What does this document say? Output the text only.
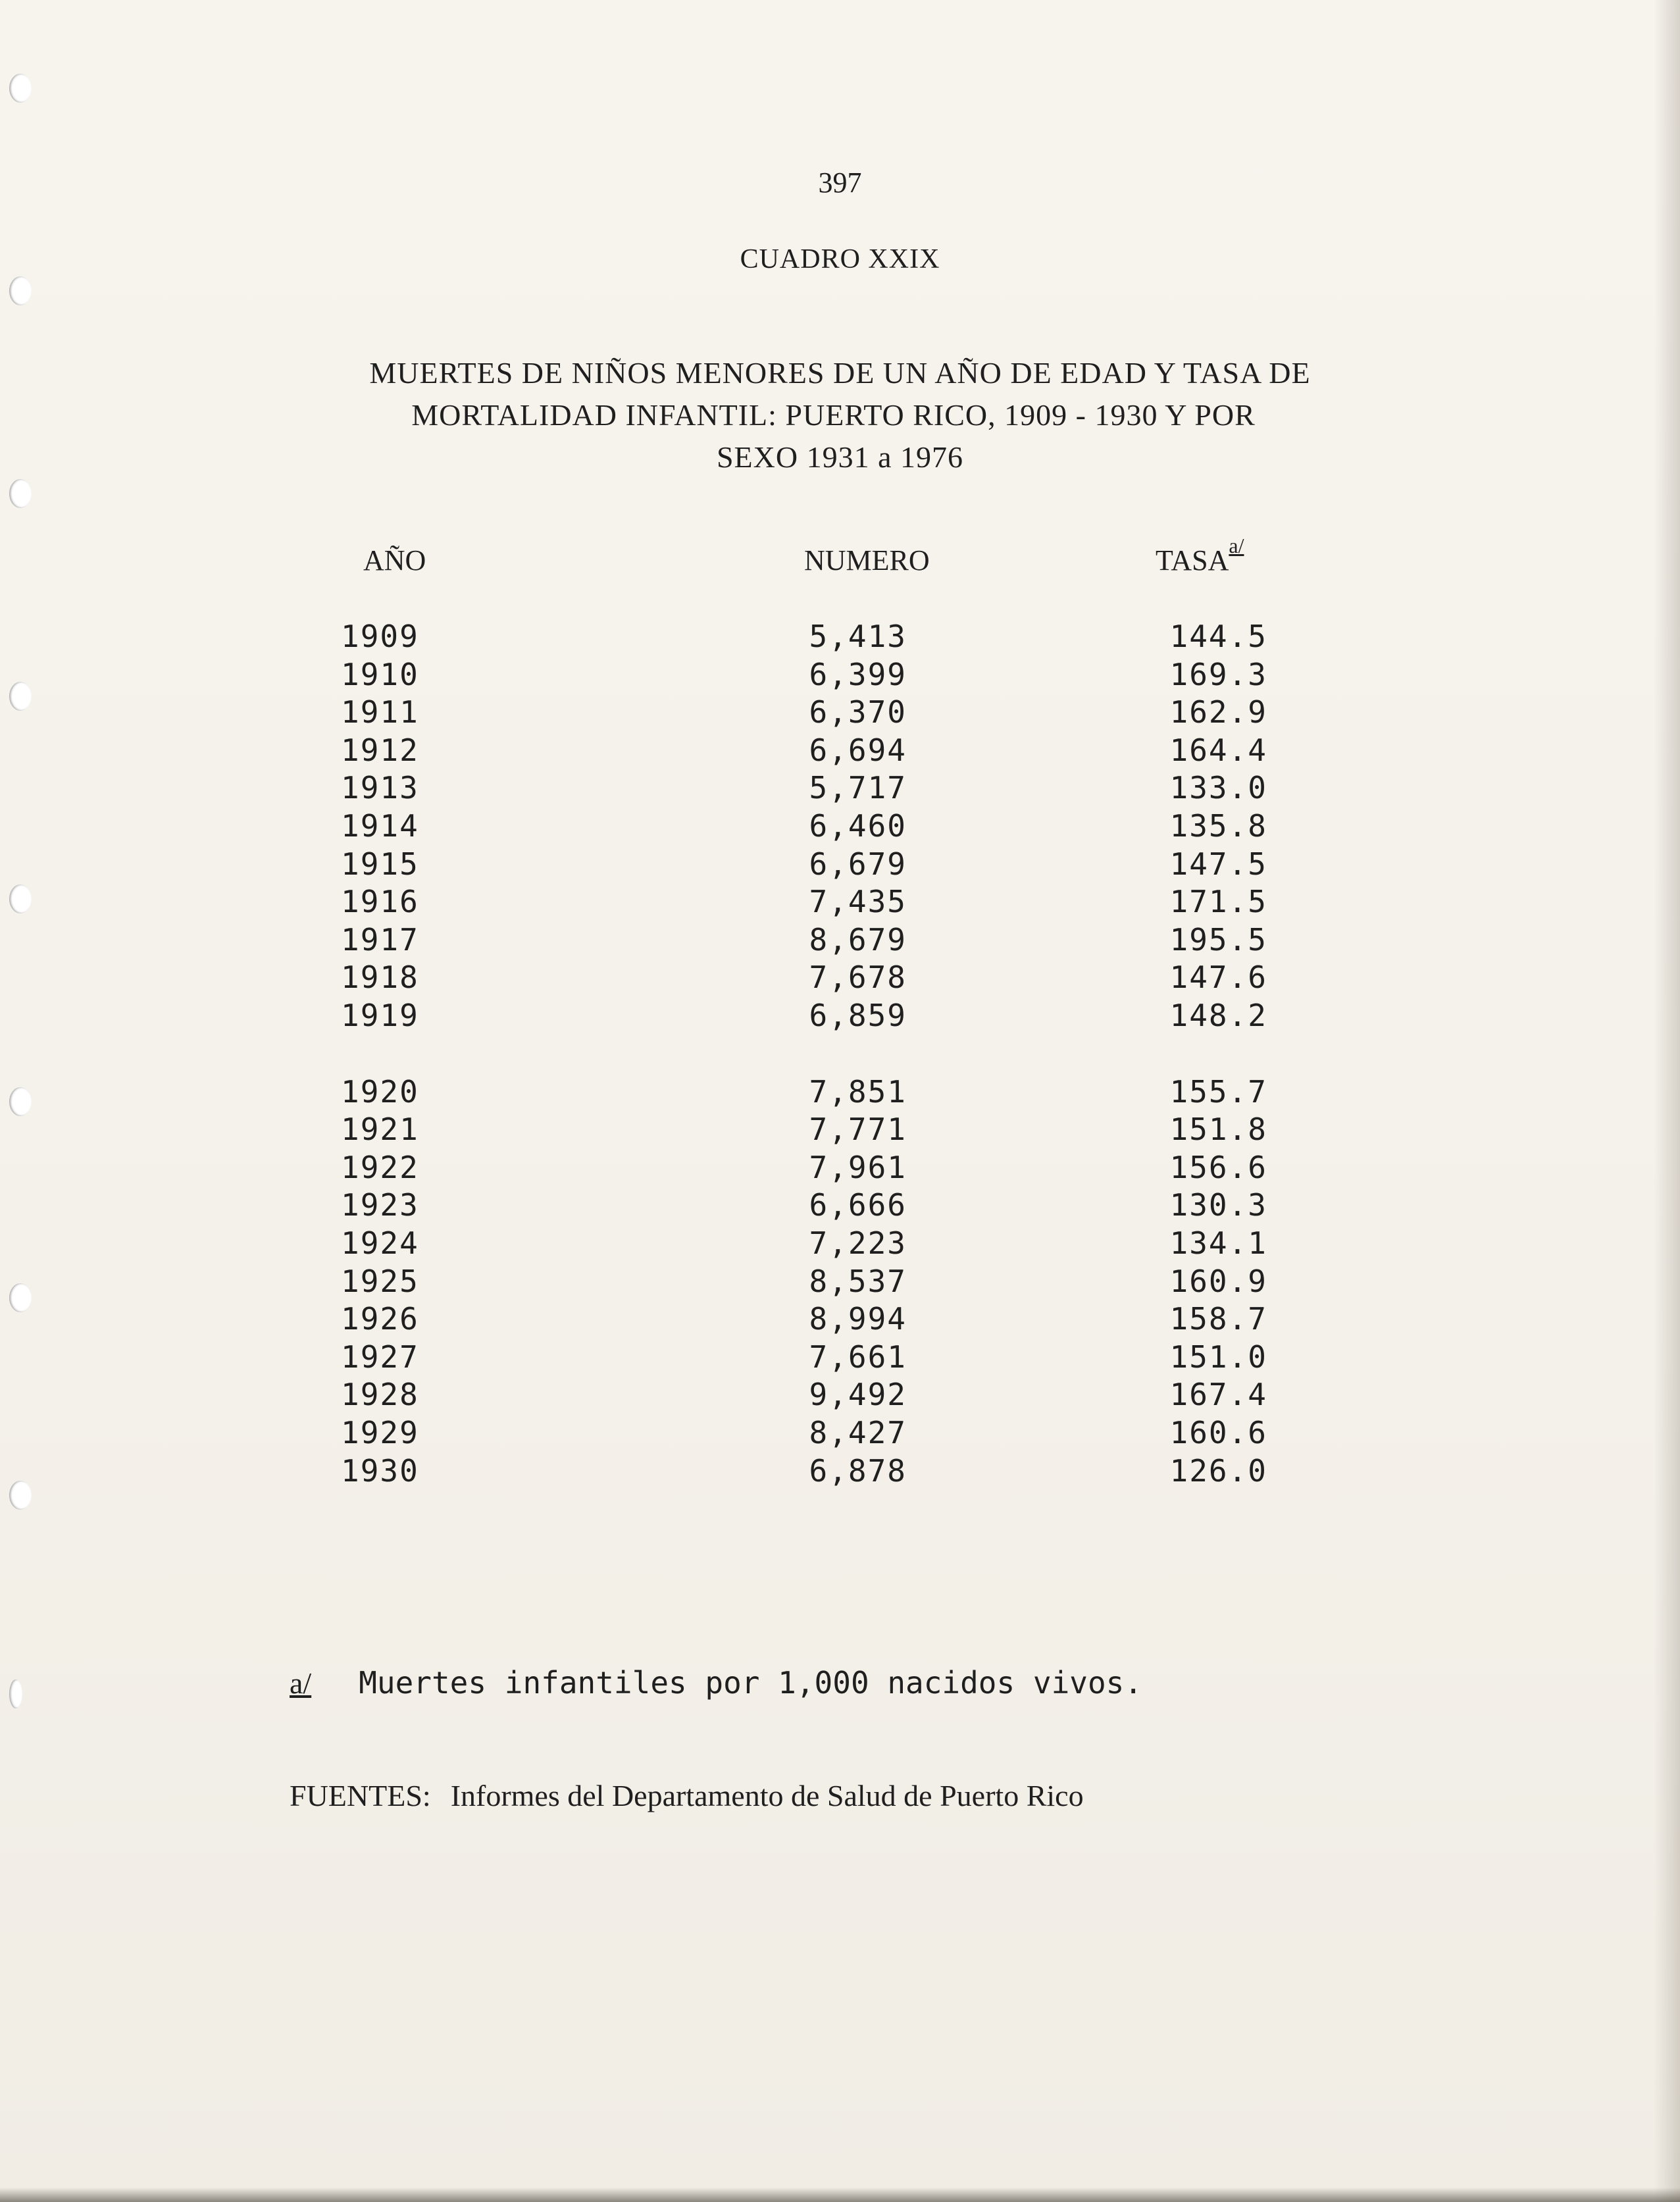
397
CUADRO XXIX
MUERTES DE NIÑOS MENORES DE UN AÑO DE EDAD Y TASA DE
MORTALIDAD INFANTIL: PUERTO RICO, 1909 - 1930 Y POR
SEXO 1931 a 1976
AÑO	NUMERO	$TASA^{a/}$
1909	5,413	144.5
1910	6,399	169.3
1911	6,370	162.9
1912	6,694	164.4
1913	5,717	133.0
1914	6,460	135.8
1915	6,679	147.5
1916	7,435	171.5
1917	8,679	195.5
1918	7,678	147.6
1919	6,859	148.2
1920	7,851	155.7
1921	7,771	151.8
1922	7,961	156.6
1923	6,666	130.3
1924	7,223	134.1
1925	8,537	160.9
1926	8,994	158.7
1927	7,661	151.0
1928	9,492	167.4
1929	8,427	160.6
1930	6,878	126.0
a/ Muertes infantiles por 1,000 nacidos vivos.
FUENTES: Informes del Departamento de Salud de Puerto Rico
